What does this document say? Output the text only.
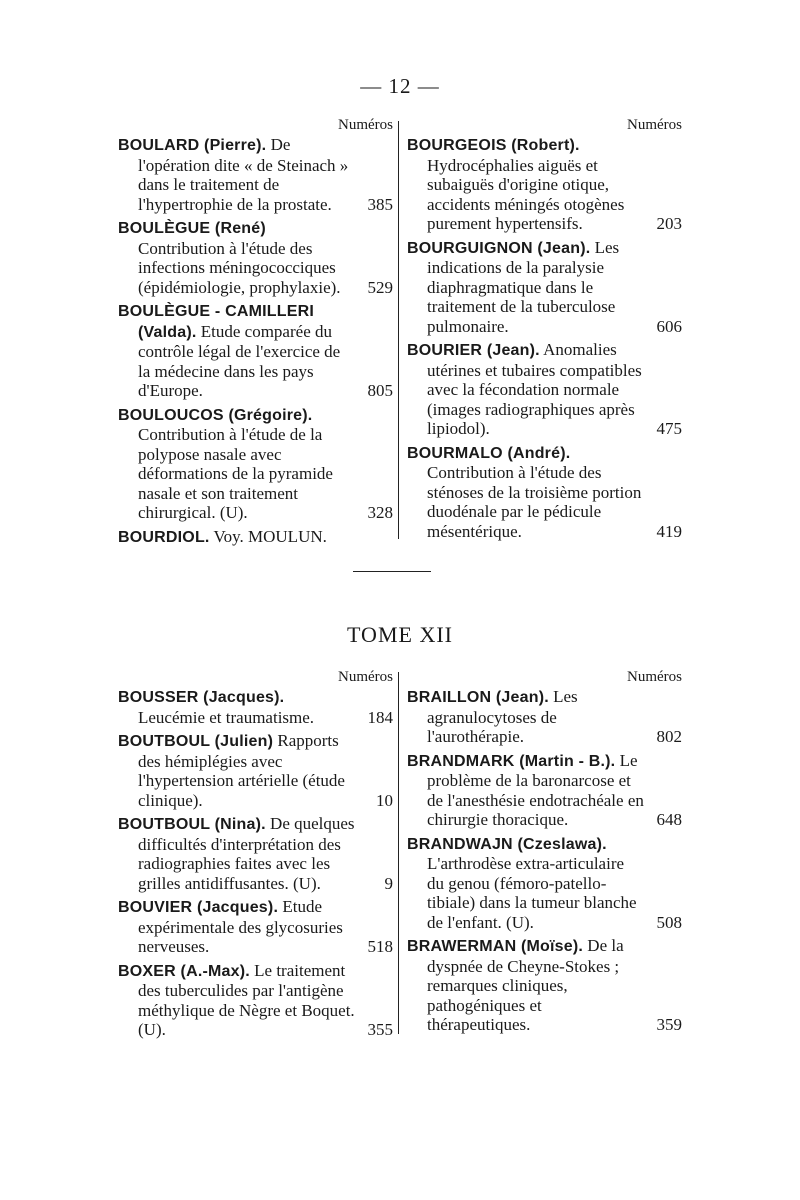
— 12 —
Numéros
BOULARD (Pierre). De l'opération dite « de Steinach » dans le traitement de l'hypertrophie de la prostate.	385
BOULÈGUE (René) Contribution à l'étude des infections méningococciques (épidémiologie, prophylaxie).	529
BOULÈGUE - CAMILLERI (Valda). Etude comparée du contrôle légal de l'exercice de la médecine dans les pays d'Europe.	805
BOULOUCOS (Grégoire). Contribution à l'étude de la polypose nasale avec déformations de la pyramide nasale et son traitement chirurgical. (U).	328
BOURDIOL. Voy. MOULUN.
Numéros
BOURGEOIS (Robert). Hydrocéphalies aiguës et subaiguës d'origine otique, accidents méningés otogènes purement hypertensifs.	203
BOURGUIGNON (Jean). Les indications de la paralysie diaphragmatique dans le traitement de la tuberculose pulmonaire.	606
BOURIER (Jean). Anomalies utérines et tubaires compatibles avec la fécondation normale (images radiographiques après lipiodol).	475
BOURMALO (André). Contribution à l'étude des sténoses de la troisième portion duodénale par le pédicule mésentérique.	419
TOME XII
Numéros
BOUSSER (Jacques). Leucémie et traumatisme.	184
BOUTBOUL (Julien) Rapports des hémiplégies avec l'hypertension artérielle (étude clinique).	10
BOUTBOUL (Nina). De quelques difficultés d'interprétation des radiographies faites avec les grilles antidiffusantes. (U).	9
BOUVIER (Jacques). Etude expérimentale des glycosuries nerveuses.	518
BOXER (A.-Max). Le traitement des tuberculides par l'antigène méthylique de Nègre et Boquet. (U).	355
Numéros
BRAILLON (Jean). Les agranulocytoses de l'aurothérapie.	802
BRANDMARK (Martin - B.). Le problème de la baronarcose et de l'anesthésie endotrachéale en chirurgie thoracique.	648
BRANDWAJN (Czeslawa). L'arthrodèse extra-articulaire du genou (fémoro-patello-tibiale) dans la tumeur blanche de l'enfant. (U).	508
BRAWERMAN (Moïse). De la dyspnée de Cheyne-Stokes ; remarques cliniques, pathogéniques et thérapeutiques.	359
